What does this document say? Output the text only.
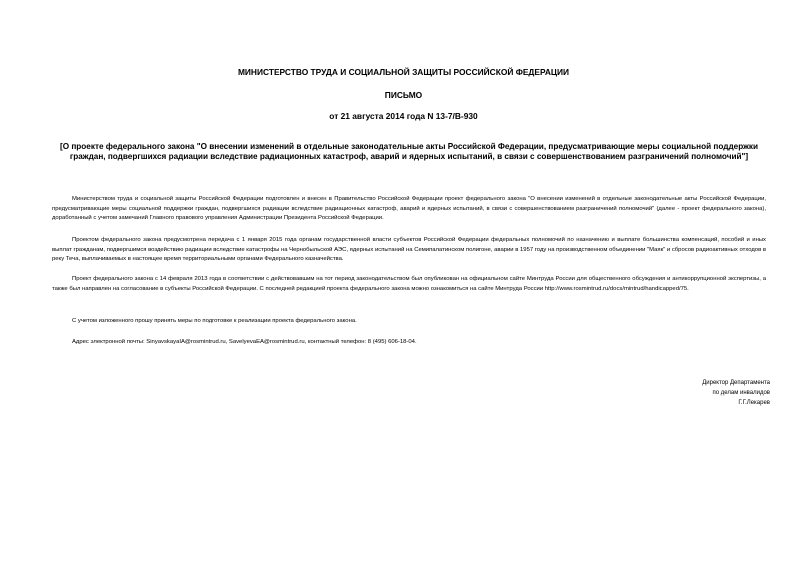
МИНИСТЕРСТВО ТРУДА И СОЦИАЛЬНОЙ ЗАЩИТЫ РОССИЙСКОЙ ФЕДЕРАЦИИ

ПИСЬМО

от 21 августа 2014 года N 13-7/В-930

[О проекте федерального закона "О внесении изменений в отдельные законодательные акты Российской Федерации, предусматривающие меры социальной поддержки граждан, подвергшихся радиации вследствие радиационных катастроф, аварий и ядерных испытаний, в связи с совершенствованием разграничений полномочий"]

Министерством труда и социальной защиты Российской Федерации подготовлен и внесен в Правительство Российской Федерации проект федерального закона "О внесении изменений в отдельные законодательные акты Российской Федерации, предусматривающие меры социальной поддержки граждан, подвергшихся радиации вследствие радиационных катастроф, аварий и ядерных испытаний, в связи с совершенствованием разграничений полномочий" (далее - проект федерального закона), доработанный с учетом замечаний Главного правового управления Администрации Президента Российской Федерации.

Проектом федерального закона предусмотрена передача с 1 января 2015 года органам государственной власти субъектов Российской Федерации федеральных полномочий по назначению и выплате большинства компенсаций, пособий и иных выплат гражданам, подвергшимся воздействию радиации вследствие катастрофы на Чернобыльской АЭС, ядерных испытаний на Семипалатинском полигоне, аварии в 1957 году на производственном объединении "Маяк" и сбросов радиоактивных отходов в реку Теча, выплачиваемых в настоящее время территориальными органами Федерального казначейства.

Проект федерального закона с 14 февраля 2013 года в соответствии с действовавшим на тот период законодательством был опубликован на официальном сайте Минтруда России для общественного обсуждения и антикоррупционной экспертизы, а также был направлен на согласование в субъекты Российской Федерации. С последней редакцией проекта федерального закона можно ознакомиться на сайте Минтруда России http://www.rosmintrud.ru/docs/mintrud/handicapped/75.

С учетом изложенного прошу принять меры по подготовке к реализации проекта федерального закона.

Адрес электронной почты: SinyavskayaIA@rosmintrud.ru, SavelyevaEA@rosmintrud.ru, контактный телефон: 8 (495) 606-18-04.

Директор Департамента
по делам инвалидов
Г.Г.Лекарев
